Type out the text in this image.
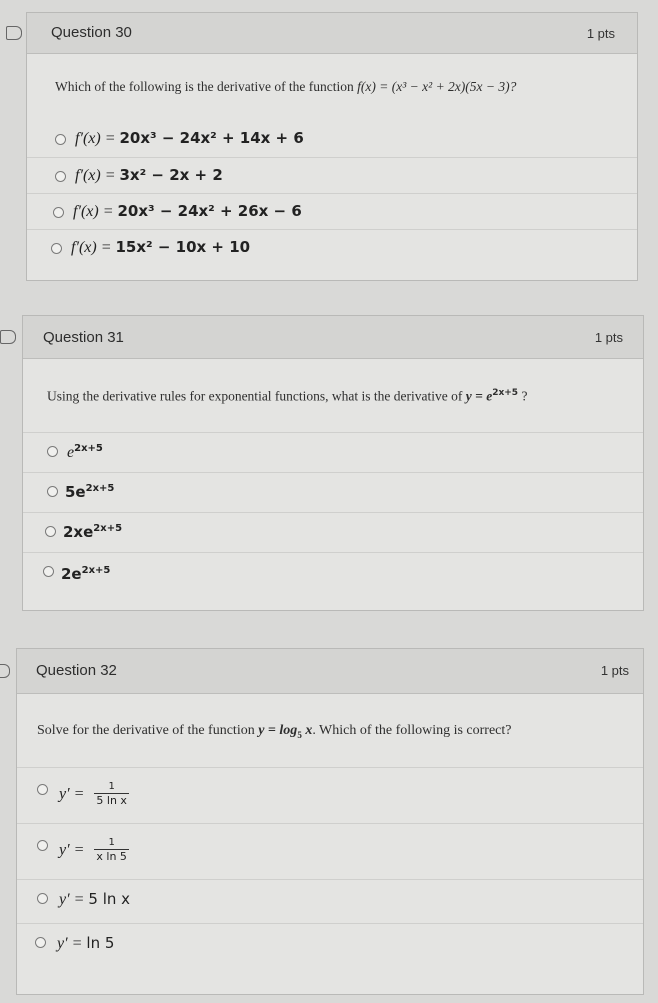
Question 30	1 pts
Which of the following is the derivative of the function f(x) = (x³ − x² + 2x)(5x − 3)?
f′(x) = 20x³ − 24x² + 14x + 6
f′(x) = 3x² − 2x + 2
f′(x) = 20x³ − 24x² + 26x − 6
f′(x) = 15x² − 10x + 10
Question 31	1 pts
Using the derivative rules for exponential functions, what is the derivative of $y = e^{2x+5}$ ?
$e^{2x+5}$
$5e^{2x+5}$
$2xe^{2x+5}$
$2e^{2x+5}$
Question 32	1 pts
Solve for the derivative of the function $y = \log_5 x$. Which of the following is correct?
$y' = \frac{1}{\text{5 ln x}}$
$y' = \frac{1}{\text{x ln 5}}$
y′ = 5 ln x
y′ = ln 5
